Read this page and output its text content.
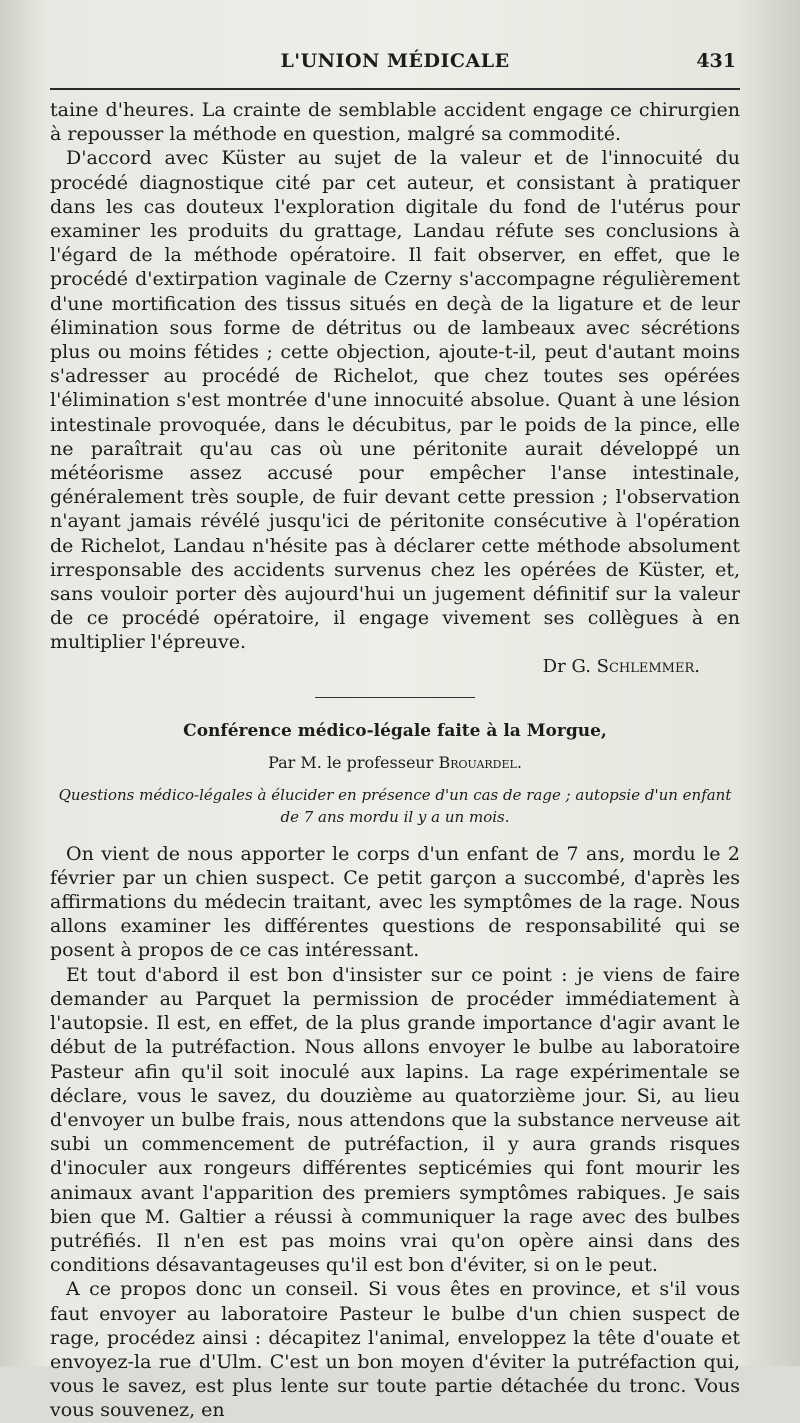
L'UNION MÉDICALE	431

taine d'heures. La crainte de semblable accident engage ce chirurgien à repousser la méthode en question, malgré sa commodité.

D'accord avec Küster au sujet de la valeur et de l'innocuité du procédé diagnostique cité par cet auteur, et consistant à pratiquer dans les cas douteux l'exploration digitale du fond de l'utérus pour examiner les produits du grattage, Landau réfute ses conclusions à l'égard de la méthode opératoire. Il fait observer, en effet, que le procédé d'extirpation vaginale de Czerny s'accompagne régulièrement d'une mortification des tissus situés en deçà de la ligature et de leur élimination sous forme de détritus ou de lambeaux avec sécrétions plus ou moins fétides ; cette objection, ajoute-t-il, peut d'autant moins s'adresser au procédé de Richelot, que chez toutes ses opérées l'élimination s'est montrée d'une innocuité absolue. Quant à une lésion intestinale provoquée, dans le décubitus, par le poids de la pince, elle ne paraîtrait qu'au cas où une péritonite aurait développé un météorisme assez accusé pour empêcher l'anse intestinale, généralement très souple, de fuir devant cette pression ; l'observation n'ayant jamais révélé jusqu'ici de péritonite consécutive à l'opération de Richelot, Landau n'hésite pas à déclarer cette méthode absolument irresponsable des accidents survenus chez les opérées de Küster, et, sans vouloir porter dès aujourd'hui un jugement définitif sur la valeur de ce procédé opératoire, il engage vivement ses collègues à en multiplier l'épreuve.

Dr G. Schlemmer.

Conférence médico-légale faite à la Morgue,

Par M. le professeur Brouardel.

Questions médico-légales à élucider en présence d'un cas de rage ; autopsie d'un enfant de 7 ans mordu il y a un mois.

On vient de nous apporter le corps d'un enfant de 7 ans, mordu le 2 février par un chien suspect. Ce petit garçon a succombé, d'après les affirmations du médecin traitant, avec les symptômes de la rage. Nous allons examiner les différentes questions de responsabilité qui se posent à propos de ce cas intéressant.

Et tout d'abord il est bon d'insister sur ce point : je viens de faire demander au Parquet la permission de procéder immédiatement à l'autopsie. Il est, en effet, de la plus grande importance d'agir avant le début de la putréfaction. Nous allons envoyer le bulbe au laboratoire Pasteur afin qu'il soit inoculé aux lapins. La rage expérimentale se déclare, vous le savez, du douzième au quatorzième jour. Si, au lieu d'envoyer un bulbe frais, nous attendons que la substance nerveuse ait subi un commencement de putréfaction, il y aura grands risques d'inoculer aux rongeurs différentes septicémies qui font mourir les animaux avant l'apparition des premiers symptômes rabiques. Je sais bien que M. Galtier a réussi à communiquer la rage avec des bulbes putréfiés. Il n'en est pas moins vrai qu'on opère ainsi dans des conditions désavantageuses qu'il est bon d'éviter, si on le peut.

A ce propos donc un conseil. Si vous êtes en province, et s'il vous faut envoyer au laboratoire Pasteur le bulbe d'un chien suspect de rage, procédez ainsi : décapitez l'animal, enveloppez la tête d'ouate et envoyez-la rue d'Ulm. C'est un bon moyen d'éviter la putréfaction qui, vous le savez, est plus lente sur toute partie détachée du tronc. Vous vous souvenez, en
